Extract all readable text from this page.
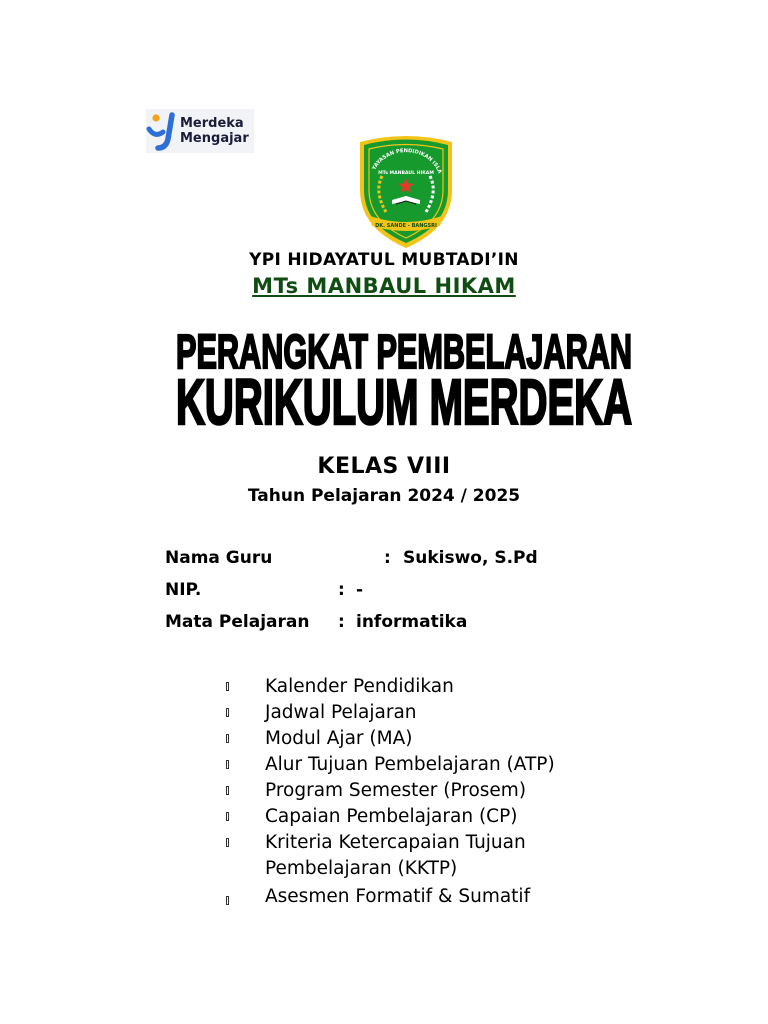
Merdeka
Mengajar
YAYASAN PENDIDIKAN ISLA
MTs MANBAUL HIKAM
DK. SANDE - BANGSRI
YPI HIDAYATUL MUBTADI’IN
MTs MANBAUL HIKAM
PERANGKAT PEMBELAJARAN
KURIKULUM MERDEKA
KELAS VIII
Tahun Pelajaran 2024 / 2025
Nama Guru	: Sukiswo, S.Pd
NIP.	: -
Mata Pelajaran : informatika
Kalender Pendidikan
Jadwal Pelajaran
Modul Ajar (MA)
Alur Tujuan Pembelajaran (ATP)
Program Semester (Prosem)
Capaian Pembelajaran (CP)
Kriteria Ketercapaian Tujuan Pembelajaran (KKTP)
Asesmen Formatif & Sumatif
